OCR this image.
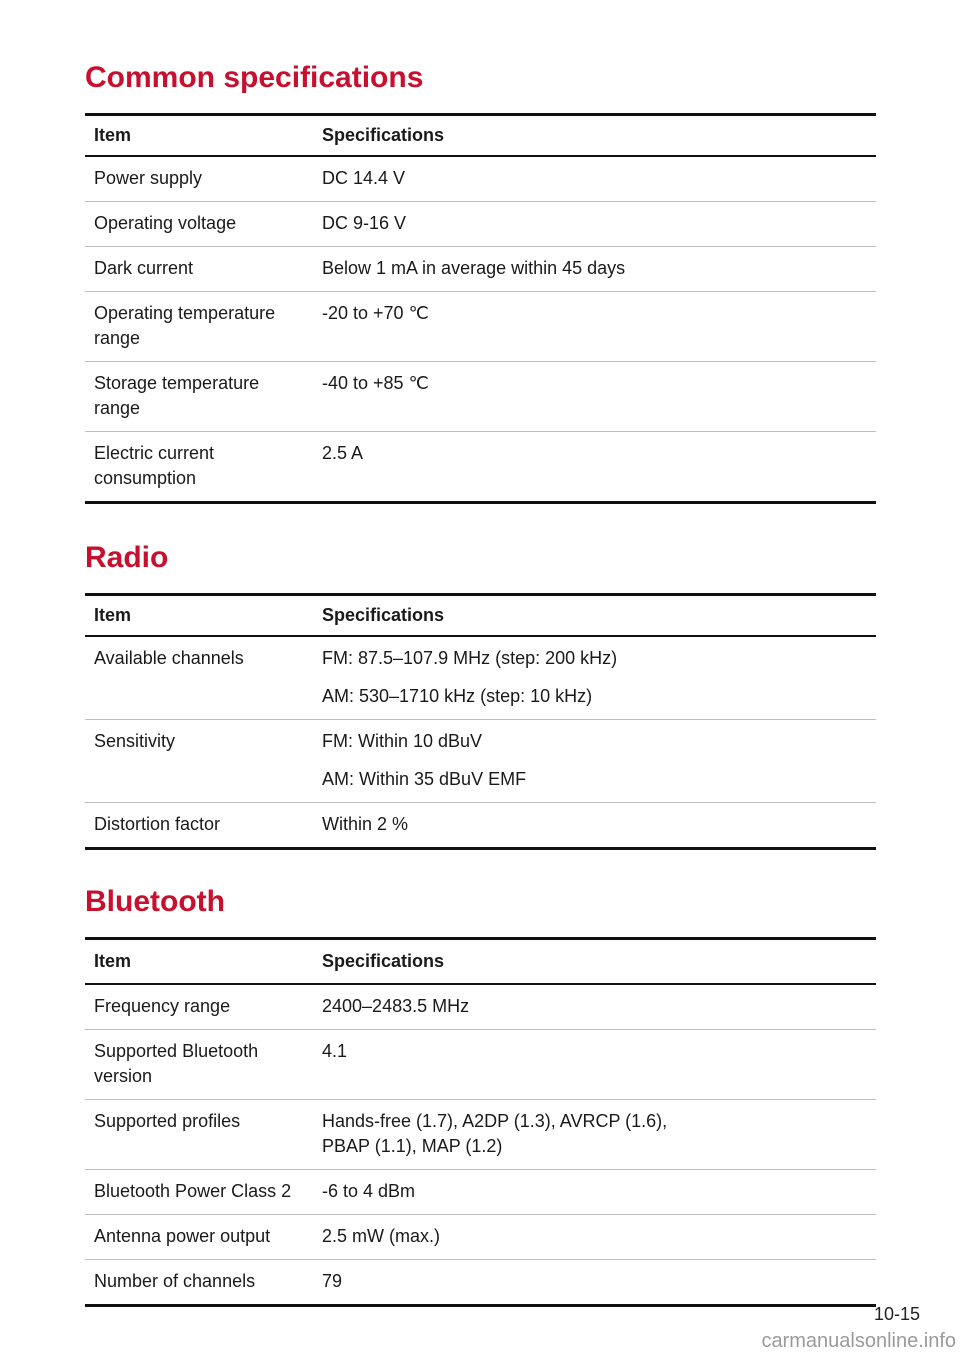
Common specifications
Item	Specifications
Power supply	DC 14.4 V
Operating voltage	DC 9-16 V
Dark current	Below 1 mA in average within 45 days
Operating temperature range	-20 to +70 ℃
Storage temperature range	-40 to +85 ℃
Electric current consumption	2.5 A
Radio
Item	Specifications
Available channels	FM: 87.5–107.9 MHz (step: 200 kHz)
AM: 530–1710 kHz (step: 10 kHz)

Sensitivity	FM: Within 10 dBuV
AM: Within 35 dBuV EMF

Distortion factor	Within 2 %
Bluetooth
Item	Specifications
Frequency range	2400–2483.5 MHz
Supported Bluetooth version	4.1
Supported profiles	Hands-free (1.7), A2DP (1.3), AVRCP (1.6), PBAP (1.1), MAP (1.2)
Bluetooth Power Class 2	-6 to 4 dBm
Antenna power output	2.5 mW (max.)
Number of channels	79
10-15
carmanualsonline.info
